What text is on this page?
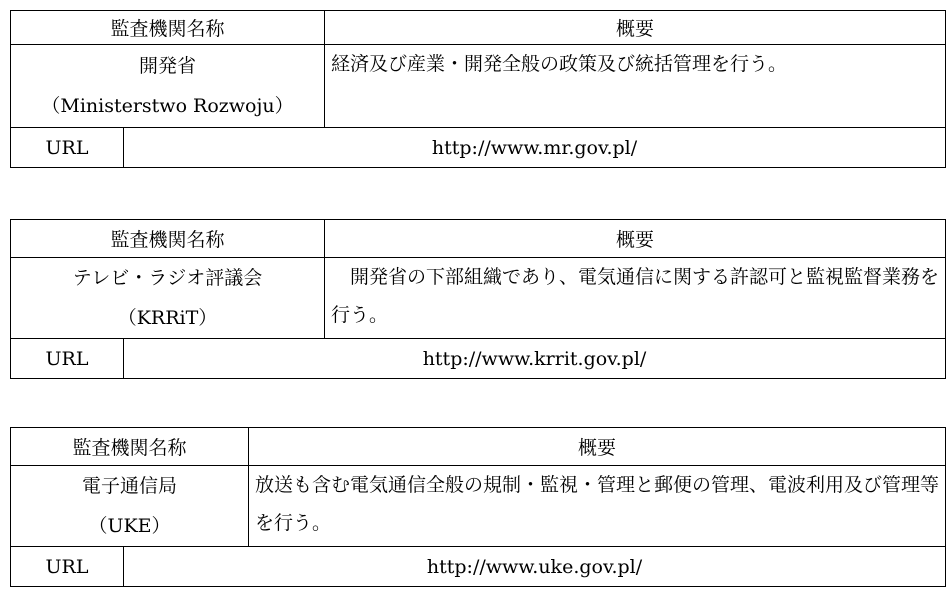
監査機関名称		概要

開発省
（Ministerstwo Rozwoju）		経済及び産業・開発全般の政策及び統括管理を行う。
URL	http://www.mr.gov.pl/	
監査機関名称		概要

テレビ・ラジオ評議会
（KRRiT）		　開発省の下部組織であり、電気通信に関する許認可と監視監督業務を行う。
URL	http://www.krrit.gov.pl/	
監査機関名称		概要

電子通信局
（UKE）		放送も含む電気通信全般の規制・監視・管理と郵便の管理、電波利用及び管理等を行う。
URL	http://www.uke.gov.pl/	
